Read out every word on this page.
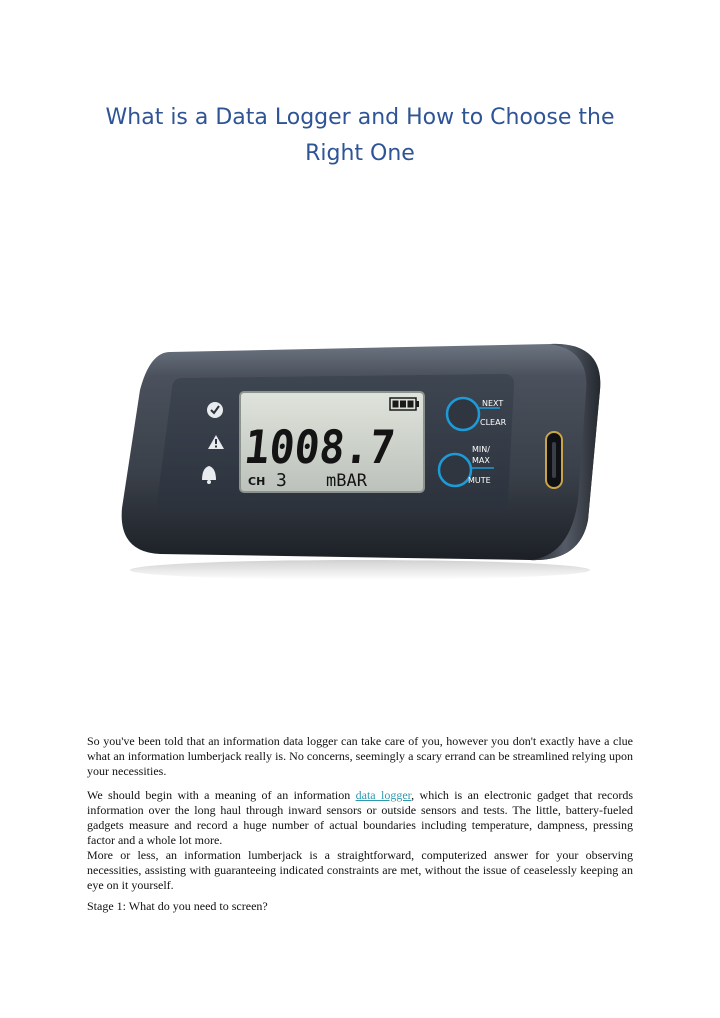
What is a Data Logger and How to Choose the
Right One
1008.7
CH 3 mBAR
NEXT
CLEAR
MIN/
MAX
MUTE

So you've been told that an information data logger can take care of you, however you don't exactly have a clue what an information lumberjack really is. No concerns, seemingly a scary errand can be streamlined relying upon your necessities.

We should begin with a meaning of an information data logger, which is an electronic gadget that records information over the long haul through inward sensors or outside sensors and tests. The little, battery-fueled gadgets measure and record a huge number of actual boundaries including temperature, dampness, pressing factor and a whole lot more.

More or less, an information lumberjack is a straightforward, computerized answer for your observing necessities, assisting with guaranteeing indicated constraints are met, without the issue of ceaselessly keeping an eye on it yourself.

Stage 1: What do you need to screen?
